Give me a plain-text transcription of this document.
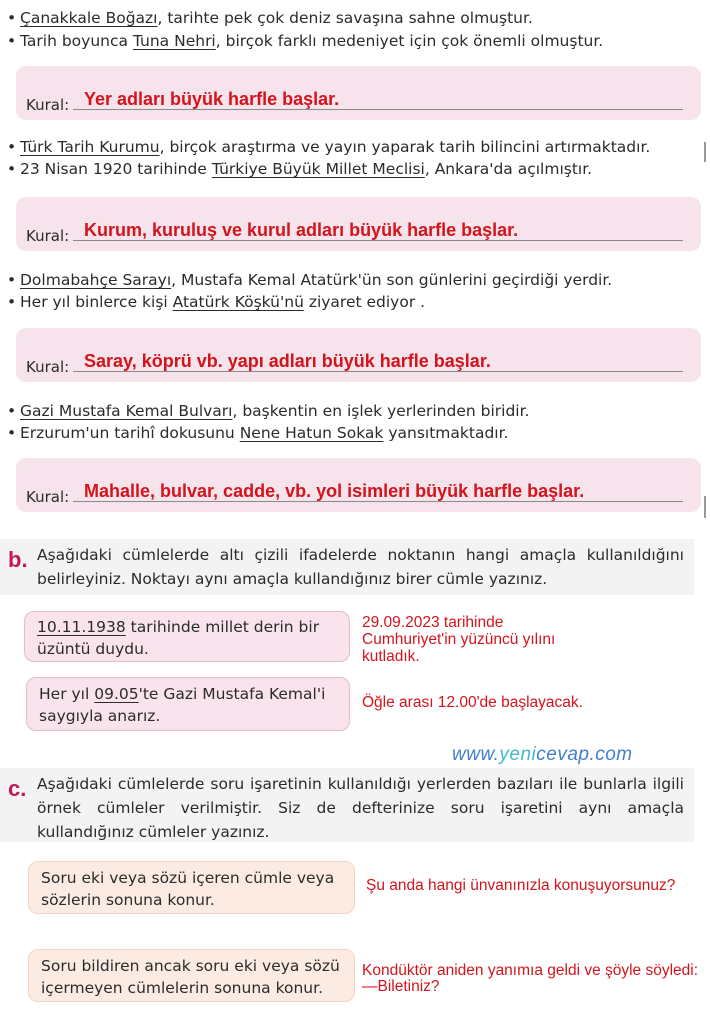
• Çanakkale Boğazı, tarihte pek çok deniz savaşına sahne olmuştur.
• Tarih boyunca Tuna Nehri, birçok farklı medeniyet için çok önemli olmuştur.
Kural: Yer adları büyük harfle başlar.
• Türk Tarih Kurumu, birçok araştırma ve yayın yaparak tarih bilincini artırmaktadır.
• 23 Nisan 1920 tarihinde Türkiye Büyük Millet Meclisi, Ankara'da açılmıştır.
Kural: Kurum, kuruluş ve kurul adları büyük harfle başlar.
• Dolmabahçe Sarayı, Mustafa Kemal Atatürk'ün son günlerini geçirdiği yerdir.
• Her yıl binlerce kişi Atatürk Köşkü'nü ziyaret ediyor .
Kural: Saray, köprü vb. yapı adları büyük harfle başlar.
• Gazi Mustafa Kemal Bulvarı, başkentin en işlek yerlerinden biridir.
• Erzurum'un tarihî dokusunu Nene Hatun Sokak yansıtmaktadır.
Kural: Mahalle, bulvar, cadde, vb. yol isimleri büyük harfle başlar.
b. Aşağıdaki cümlelerde altı çizili ifadelerde noktanın hangi amaçla kullanıldığını belirleyiniz. Noktayı aynı amaçla kullandığınız birer cümle yazınız.

10.11.1938 tarihinde millet derin bir üzüntü duydu.
29.09.2023 tarihinde Cumhuriyet'in yüzüncü yılını kutladık.
Her yıl 09.05'te Gazi Mustafa Kemal'i saygıyla anarız.
Öğle arası 12.00'de başlayacak.
www.yenicevap.com
c. Aşağıdaki cümlelerde soru işaretinin kullanıldığı yerlerden bazıları ile bunlarla ilgili örnek cümleler verilmiştir. Siz de defterinize soru işaretini aynı amaçla kullandığınız cümleler yazınız.

Soru eki veya sözü içeren cümle veya sözlerin sonuna konur.
Şu anda hangi ünvanınızla konuşuyorsunuz?
Soru bildiren ancak soru eki veya sözü içermeyen cümlelerin sonuna konur.
Kondüktör aniden yanımıa geldi ve şöyle söyledi:
—Biletiniz?
